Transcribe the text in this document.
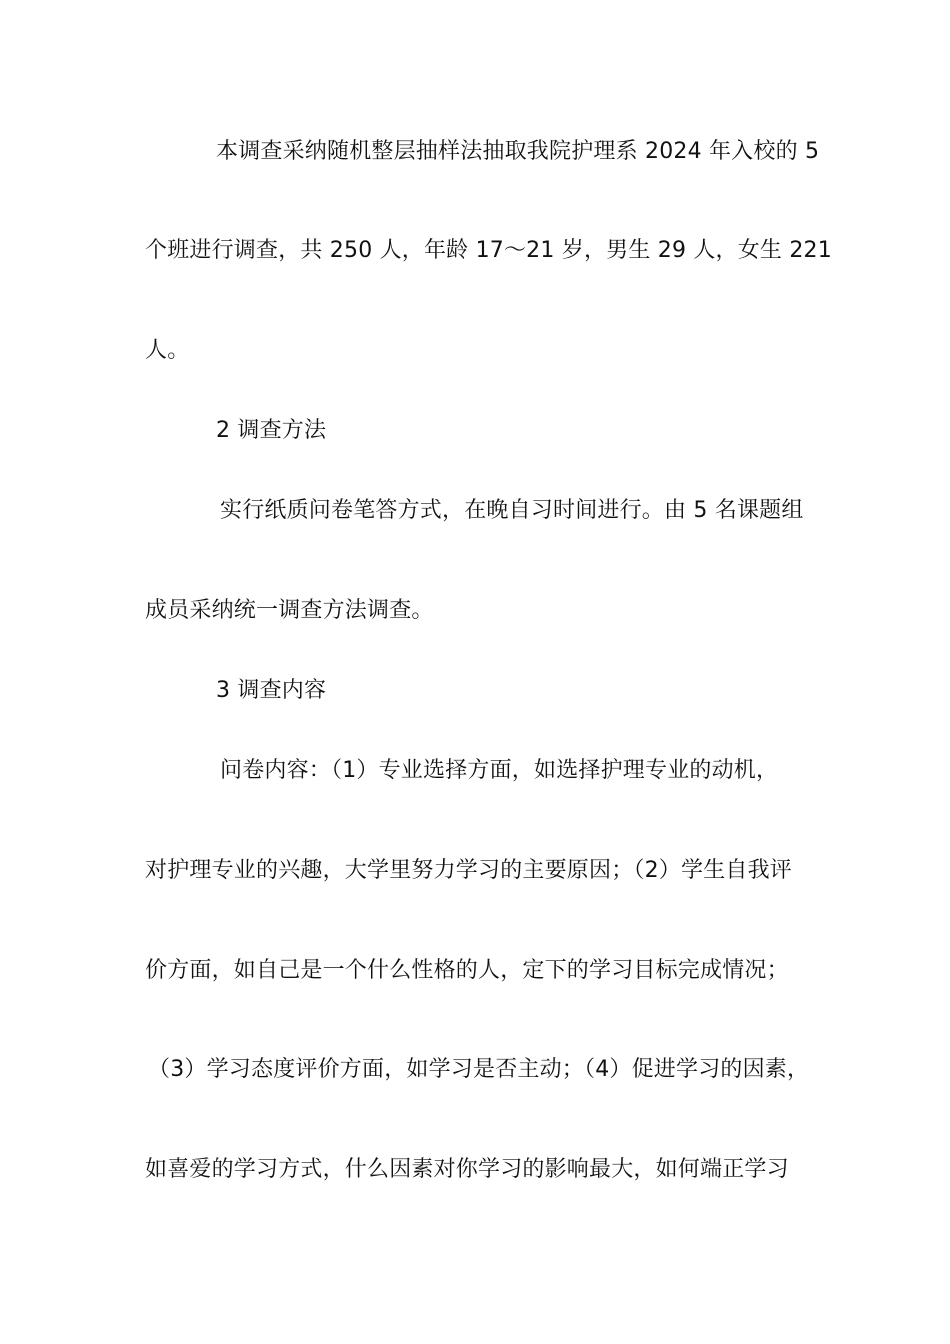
本调查采纳随机整层抽样法抽取我院护理系 2024 年入校的 5
个班进行调查，共 250 人，年龄 17～21 岁，男生 29 人，女生 221
人。
2 调查方法
实行纸质问卷笔答方式，在晚自习时间进行。由 5 名课题组
成员采纳统一调查方法调查。
3 调查内容
问卷内容：（1）专业选择方面，如选择护理专业的动机，
对护理专业的兴趣，大学里努力学习的主要原因；（2）学生自我评
价方面，如自己是一个什么性格的人，定下的学习目标完成情况；
（3）学习态度评价方面，如学习是否主动；（4）促进学习的因素，
如喜爱的学习方式，什么因素对你学习的影响最大，如何端正学习
